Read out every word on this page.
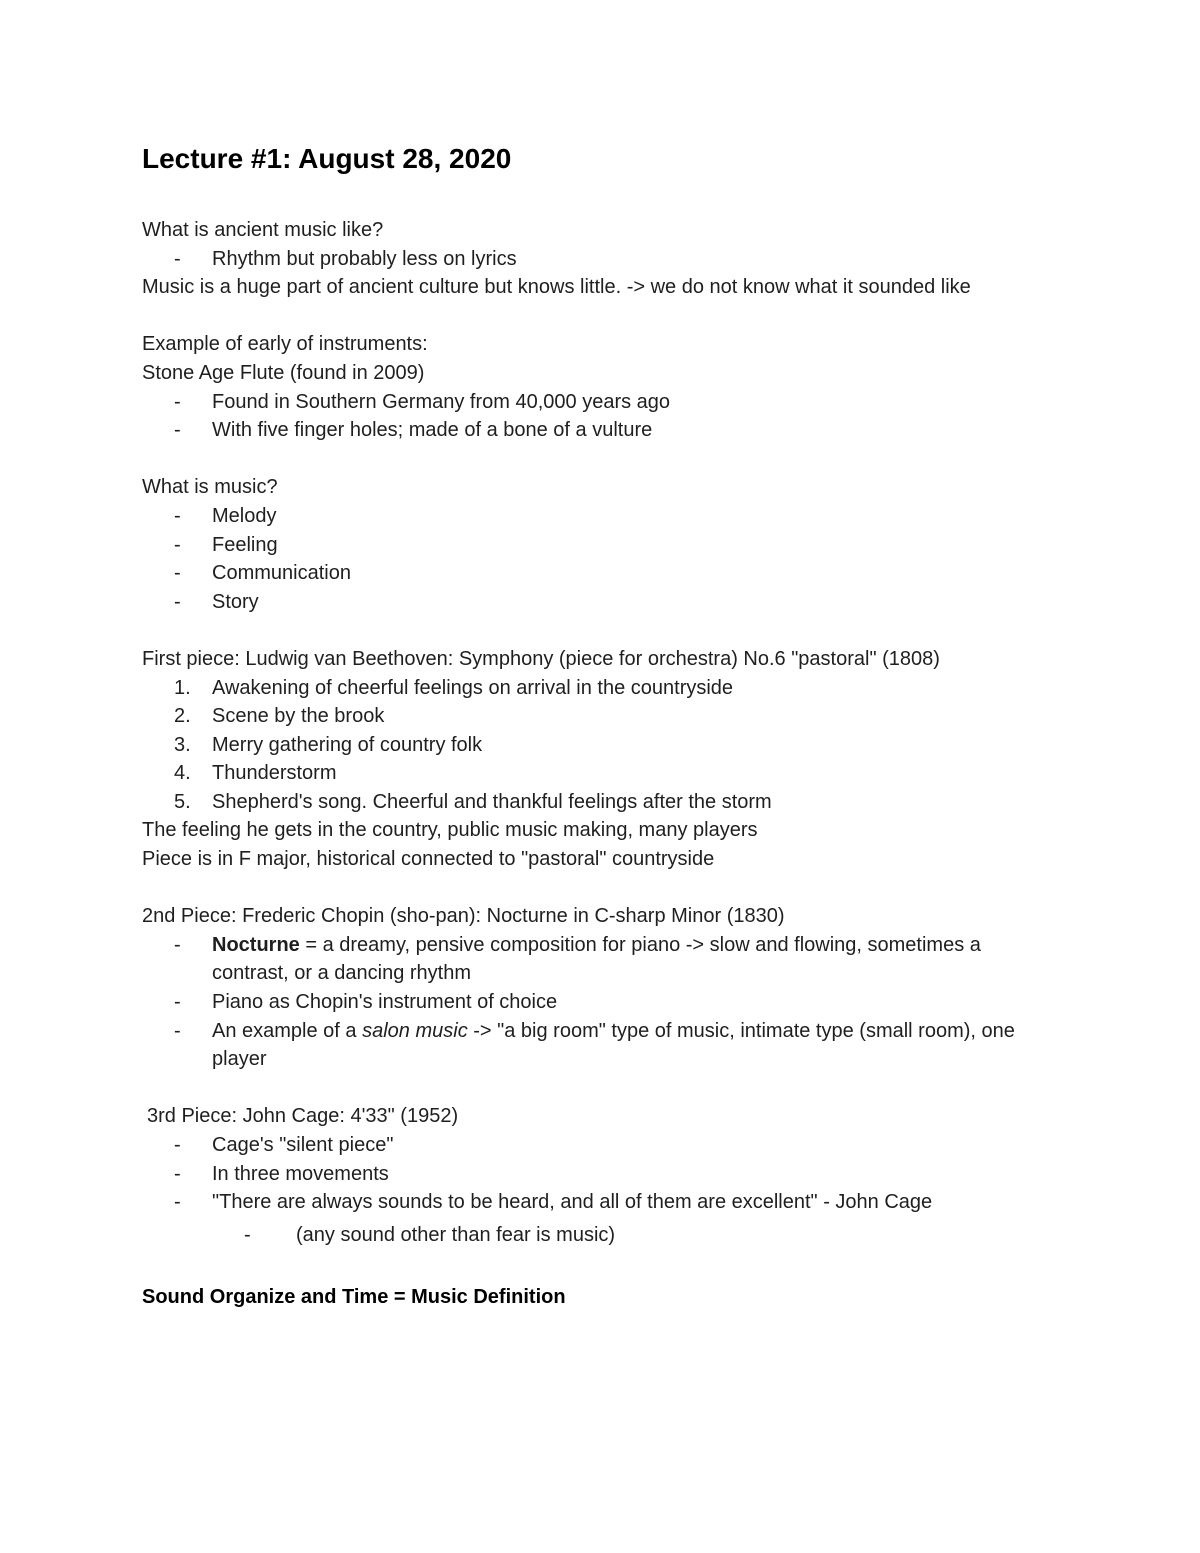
Lecture #1: August 28, 2020
What is ancient music like?
-	Rhythm but probably less on lyrics
Music is a huge part of ancient culture but knows little. -> we do not know what it sounded like
Example of early of instruments:
Stone Age Flute (found in 2009)
-	Found in Southern Germany from 40,000 years ago
-	With five finger holes; made of a bone of a vulture
What is music?
-	Melody
-	Feeling
-	Communication
-	Story
First piece: Ludwig van Beethoven: Symphony (piece for orchestra) No.6 "pastoral" (1808)
1.	Awakening of cheerful feelings on arrival in the countryside
2.	Scene by the brook
3.	Merry gathering of country folk
4.	Thunderstorm
5.	Shepherd's song. Cheerful and thankful feelings after the storm
The feeling he gets in the country, public music making, many players
Piece is in F major, historical connected to "pastoral" countryside
2nd Piece: Frederic Chopin (sho-pan): Nocturne in C-sharp Minor (1830)
-	Nocturne = a dreamy, pensive composition for piano -> slow and flowing, sometimes a contrast, or a dancing rhythm
-	Piano as Chopin's instrument of choice
-	An example of a salon music -> "a big room" type of music, intimate type (small room), one player
3rd Piece: John Cage: 4'33" (1952)
-	Cage's "silent piece"
-	In three movements
-	"There are always sounds to be heard, and all of them are excellent" - John Cage
-	(any sound other than fear is music)
Sound Organize and Time = Music Definition
